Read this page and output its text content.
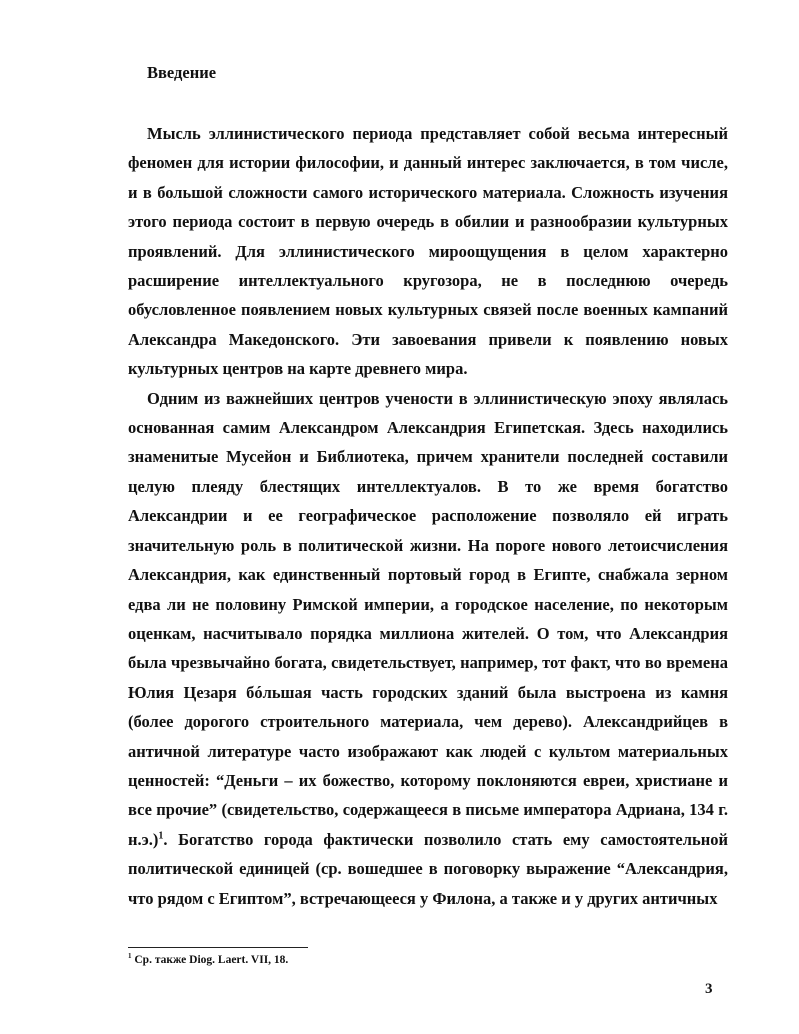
Введение

Мысль эллинистического периода представляет собой весьма интересный феномен для истории философии, и данный интерес заключается, в том числе, и в большой сложности самого исторического материала. Сложность изучения этого периода состоит в первую очередь в обилии и разнообразии культурных проявлений. Для эллинистического мироощущения в целом характерно расширение интеллектуального кругозора, не в последнюю очередь обусловленное появлением новых культурных связей после военных кампаний Александра Македонского. Эти завоевания привели к появлению новых культурных центров на карте древнего мира.

Одним из важнейших центров учености в эллинистическую эпоху являлась основанная самим Александром Александрия Египетская. Здесь находились знаменитые Мусейон и Библиотека, причем хранители последней составили целую плеяду блестящих интеллектуалов. В то же время богатство Александрии и ее географическое расположение позволяло ей играть значительную роль в политической жизни. На пороге нового летоисчисления Александрия, как единственный портовый город в Египте, снабжала зерном едва ли не половину Римской империи, а городское население, по некоторым оценкам, насчитывало порядка миллиона жителей. О том, что Александрия была чрезвычайно богата, свидетельствует, например, тот факт, что во времена Юлия Цезаря бóльшая часть городских зданий была выстроена из камня (более дорогого строительного материала, чем дерево). Александрийцев в античной литературе часто изображают как людей с культом материальных ценностей: “Деньги – их божество, которому поклоняются евреи, христиане и все прочие” (свидетельство, содержащееся в письме императора Адриана, 134 г. н.э.)$^1$. Богатство города фактически позволило стать ему самостоятельной политической единицей (ср. вошедшее в поговорку выражение “Александрия, что рядом с Египтом”, встречающееся у Филона, а также и у других античных

$^1$ Ср. также Diog. Laert. VII, 18.
3
